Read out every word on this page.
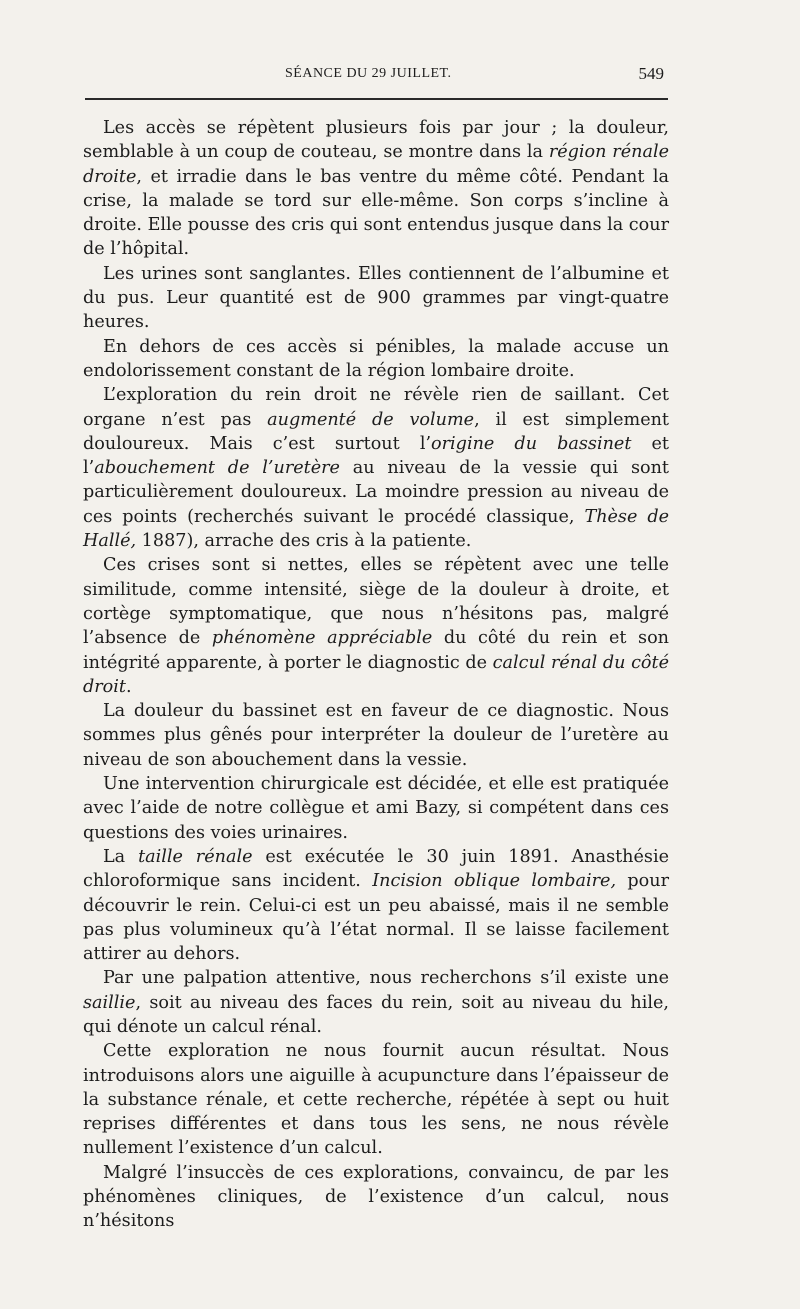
SÉANCE DU 29 JUILLET.	549

Les accès se répètent plusieurs fois par jour ; la douleur, semblable à un coup de couteau, se montre dans la région rénale droite, et irradie dans le bas ventre du même côté. Pendant la crise, la malade se tord sur elle-même. Son corps s’incline à droite. Elle pousse des cris qui sont entendus jusque dans la cour de l’hôpital.

Les urines sont sanglantes. Elles contiennent de l’albumine et du pus. Leur quantité est de 900 grammes par vingt-quatre heures.

En dehors de ces accès si pénibles, la malade accuse un endolorissement constant de la région lombaire droite.

L’exploration du rein droit ne révèle rien de saillant. Cet organe n’est pas augmenté de volume, il est simplement douloureux. Mais c’est surtout l’origine du bassinet et l’abouchement de l’uretère au niveau de la vessie qui sont particulièrement douloureux. La moindre pression au niveau de ces points (recherchés suivant le procédé classique, Thèse de Hallé, 1887), arrache des cris à la patiente.

Ces crises sont si nettes, elles se répètent avec une telle similitude, comme intensité, siège de la douleur à droite, et cortège symptomatique, que nous n’hésitons pas, malgré l’absence de phénomène appréciable du côté du rein et son intégrité apparente, à porter le diagnostic de calcul rénal du côté droit.

La douleur du bassinet est en faveur de ce diagnostic. Nous sommes plus gênés pour interpréter la douleur de l’uretère au niveau de son abouchement dans la vessie.

Une intervention chirurgicale est décidée, et elle est pratiquée avec l’aide de notre collègue et ami Bazy, si compétent dans ces questions des voies urinaires.

La taille rénale est exécutée le 30 juin 1891. Anasthésie chloroformique sans incident. Incision oblique lombaire, pour découvrir le rein. Celui-ci est un peu abaissé, mais il ne semble pas plus volumineux qu’à l’état normal. Il se laisse facilement attirer au dehors.

Par une palpation attentive, nous recherchons s’il existe une saillie, soit au niveau des faces du rein, soit au niveau du hile, qui dénote un calcul rénal.

Cette exploration ne nous fournit aucun résultat. Nous introduisons alors une aiguille à acupuncture dans l’épaisseur de la substance rénale, et cette recherche, répétée à sept ou huit reprises différentes et dans tous les sens, ne nous révèle nullement l’existence d’un calcul.

Malgré l’insuccès de ces explorations, convaincu, de par les phénomènes cliniques, de l’existence d’un calcul, nous n’hésitons
